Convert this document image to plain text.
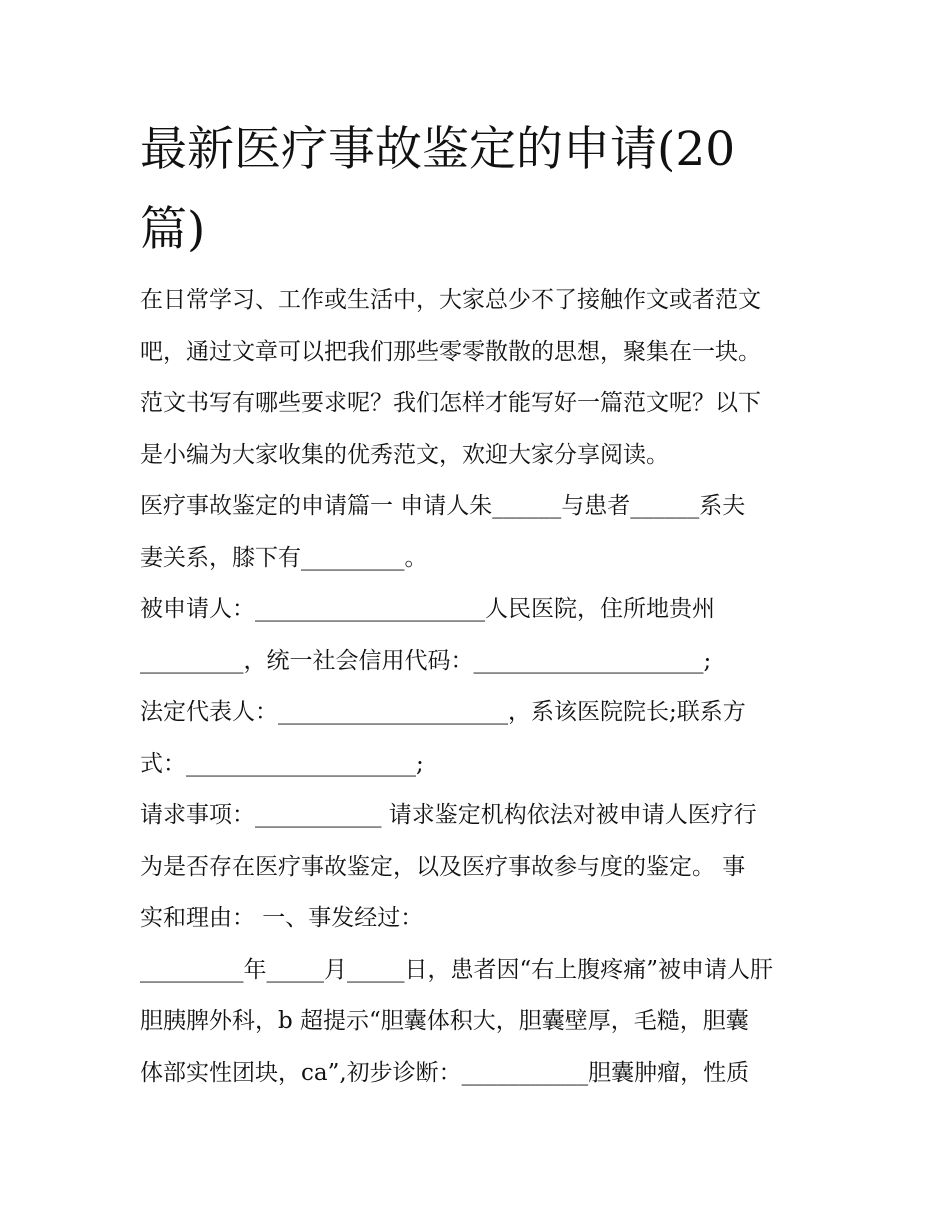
最新医疗事故鉴定的申请(20
篇)

在日常学习、工作或生活中，大家总少不了接触作文或者范文
吧，通过文章可以把我们那些零零散散的思想，聚集在一块。
范文书写有哪些要求呢？我们怎样才能写好一篇范文呢？以下
是小编为大家收集的优秀范文，欢迎大家分享阅读。

医疗事故鉴定的申请篇一 申请人朱______与患者______系夫
妻关系，膝下有_________。

被申请人：____________________人民医院，住所地贵州
_________，统一社会信用代码：____________________;

法定代表人：____________________，系该医院院长;联系方
式：____________________;

请求事项：___________ 请求鉴定机构依法对被申请人医疗行
为是否存在医疗事故鉴定，以及医疗事故参与度的鉴定。 事
实和理由： 一、事发经过：

_________年_____月_____日，患者因“右上腹疼痛”被申请人肝
胆胰脾外科，b 超提示“胆囊体积大，胆囊壁厚，毛糙，胆囊
体部实性团块，ca”,初步诊断：___________胆囊肿瘤，性质
